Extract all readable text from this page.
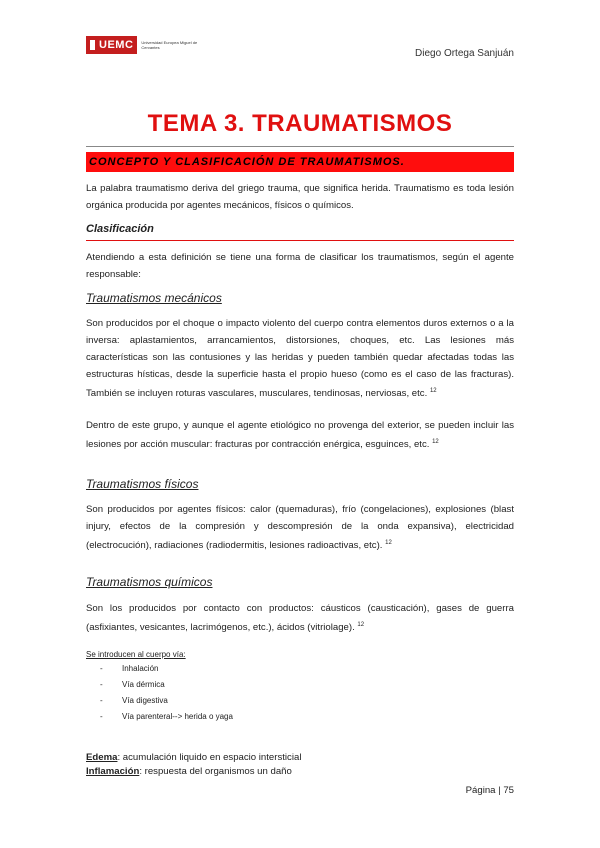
UEMC Universidad Europea Miguel de Cervantes
Diego Ortega Sanjuán
TEMA 3. TRAUMATISMOS
CONCEPTO Y CLASIFICACIÓN DE TRAUMATISMOS.
La palabra traumatismo deriva del griego trauma, que significa herida. Traumatismo es toda lesión orgánica producida por agentes mecánicos, físicos o químicos.
Clasificación
Atendiendo a esta definición se tiene una forma de clasificar los traumatismos, según el agente responsable:
Traumatismos mecánicos
Son producidos por el choque o impacto violento del cuerpo contra elementos duros externos o a la inversa: aplastamientos, arrancamientos, distorsiones, choques, etc. Las lesiones más características son las contusiones y las heridas y pueden también quedar afectadas todas las estructuras hísticas, desde la superficie hasta el propio hueso (como es el caso de las fracturas). También se incluyen roturas vasculares, musculares, tendinosas, nerviosas, etc. $^{12}$
Dentro de este grupo, y aunque el agente etiológico no provenga del exterior, se pueden incluir las lesiones por acción muscular: fracturas por contracción enérgica, esguinces, etc. $^{12}$
Traumatismos físicos
Son producidos por agentes físicos: calor (quemaduras), frío (congelaciones), explosiones (blast injury, efectos de la compresión y descompresión de la onda expansiva), electricidad (electrocución), radiaciones (radiodermitis, lesiones radioactivas, etc). $^{12}$
Traumatismos químicos
Son los producidos por contacto con productos: cáusticos (causticación), gases de guerra (asfixiantes, vesicantes, lacrimógenos, etc.), ácidos (vitriolage). $^{12}$
Se introducen al cuerpo vía:
- Inhalación
- Vía dérmica
- Vía digestiva
- Vía parenteral--> herida o yaga
Edema: acumulación liquido en espacio intersticial
Inflamación: respuesta del organismos un daño
Página | 75
